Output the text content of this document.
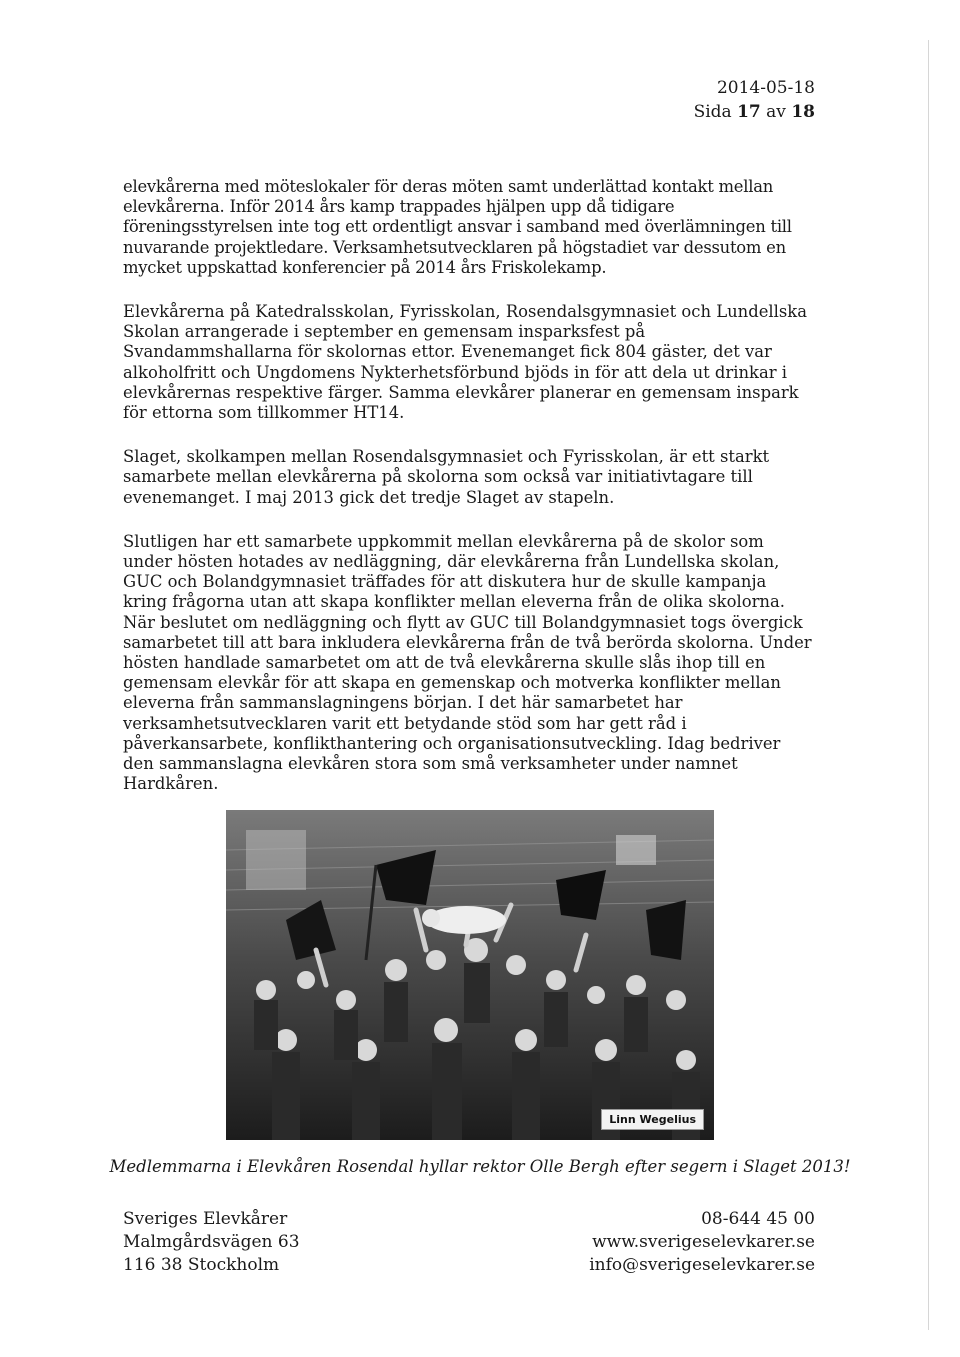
2014-05-18
Sida 17 av 18

elevkårerna med möteslokaler för deras möten samt underlättad kontakt mellan elevkårerna. Inför 2014 års kamp trappades hjälpen upp då tidigare föreningsstyrelsen inte tog ett ordentligt ansvar i samband med överlämningen till nuvarande projektledare. Verksamhetsutvecklaren på högstadiet var dessutom en mycket uppskattad konferencier på 2014 års Friskolekamp.

Elevkårerna på Katedralsskolan, Fyrisskolan, Rosendalsgymnasiet och Lundellska Skolan arrangerade i september en gemensam insparksfest på Svandammshallarna för skolornas ettor. Evenemanget fick 804 gäster, det var alkoholfritt och Ungdomens Nykterhetsförbund bjöds in för att dela ut drinkar i elevkårernas respektive färger. Samma elevkårer planerar en gemensam inspark för ettorna som tillkommer HT14.

Slaget, skolkampen mellan Rosendalsgymnasiet och Fyrisskolan, är ett starkt samarbete mellan elevkårerna på skolorna som också var initiativtagare till evenemanget. I maj 2013 gick det tredje Slaget av stapeln.

Slutligen har ett samarbete uppkommit mellan elevkårerna på de skolor som under hösten hotades av nedläggning, där elevkårerna från Lundellska skolan, GUC och Bolandgymnasiet träffades för att diskutera hur de skulle kampanja kring frågorna utan att skapa konflikter mellan eleverna från de olika skolorna. När beslutet om nedläggning och flytt av GUC till Bolandgymnasiet togs övergick samarbetet till att bara inkludera elevkårerna från de två berörda skolorna. Under hösten handlade samarbetet om att de två elevkårerna skulle slås ihop till en gemensam elevkår för att skapa en gemenskap och motverka konflikter mellan eleverna från sammanslagningens början. I det här samarbetet har verksamhetsutvecklaren varit ett betydande stöd som har gett råd i påverkansarbete, konflikthantering och organisationsutveckling. Idag bedriver den sammanslagna elevkåren stora som små verksamheter under namnet Hardkåren.

Linn Wegelius
Medlemmarna i Elevkåren Rosendal hyllar rektor Olle Bergh efter segern i Slaget 2013!
Sveriges Elevkårer
Malmgårdsvägen 63
116 38 Stockholm
08-644 45 00
www.sverigeselevkarer.se
info@sverigeselevkarer.se
